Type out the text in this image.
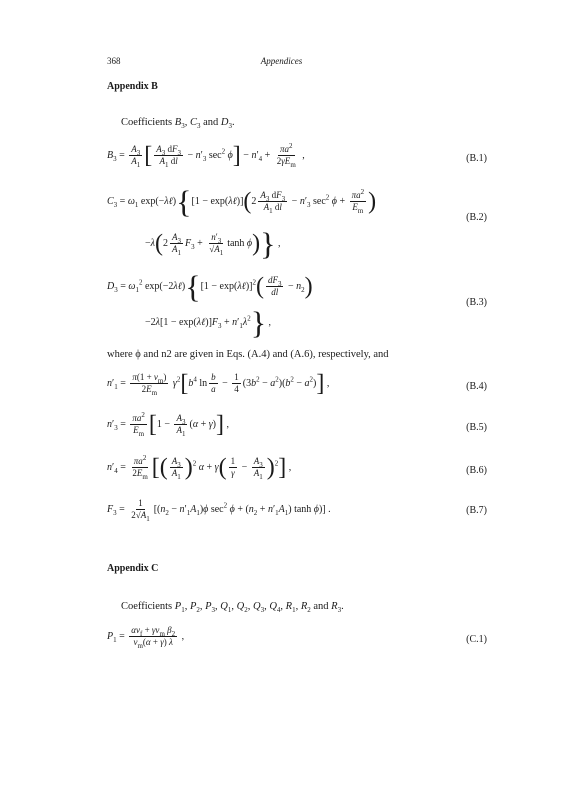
368	Appendices
Appendix B
Coefficients $B_3$, $C_3$ and $D_3$.
$B_3 = \frac{A_3}{A_1}$ [ $\frac{A_3 dF_3}{A_1 dl} - n'_3$ $\sec^2 \phi] - n'_4 + \frac{\pi a^2}{2\gamma E_m}$ ,	(B.1)
$C_3 = \omega_1$ exp(−λℓ){[1 − exp(λℓ)](2 $\frac{A_3 dF_3}{A_1 dl} - n'_3$ $\sec^2 \phi + \frac{\pi a^2}{E_m}$ )
$-\lambda(2 \frac{A_3}{A_1} F_3 + \frac{n'_3}{√A_1}$ tanh ϕ)} ,
(B.2)
$D_3 = \omega_1^2$ exp(−2λℓ){[1 − exp(λℓ)]$^2$( $\frac{dF_3}{dl} - n_2$)
$-2\lambda[1 - \exp(\lambda\ell)]F_3 + n'_1\lambda^2$} ,
(B.3)
where ϕ and n2 are given in Eqs. (A.4) and (A.6), respectively, and
$n'_1 = \frac{\pi(1 + \nu_m)}{2E_m} \gamma^2[b^4$ $\ln \frac{b}{a} - \frac{1}{4} (3b^2 - a^2)(b^2 - a^2)$] ,	(B.4)
$n'_3 = \frac{\pi a^2}{E_m} [1 - \frac{A_3}{A_1} (\alpha + \gamma)]$ ,	(B.5)
$n'_4 = \frac{\pi a^2}{2E_m}$ [( $\frac{A_3}{A_1} )^2$ $\alpha + \gamma( \frac{1}{\gamma} - \frac{A_3}{A_1} )^2$] ,	(B.6)
$F_3 = \frac{1}{2√A_1} [(n_2 - n'_1A_1)\phi$ $\sec^2 \phi + (n_2 + n'_1A_1)$ tanh ϕ)] .	(B.7)
Appendix C
Coefficients $P_1$, $P_2$, $P_3$, $Q_1$, $Q_2$, $Q_3$, $Q_4$, $R_1$, $R_2$ and $R_3$.
$P_1 = \frac{\alpha\nu_f + \gamma\nu_m \beta_2}{\nu_m(\alpha + \gamma) \lambda}$ ,	(C.1)
